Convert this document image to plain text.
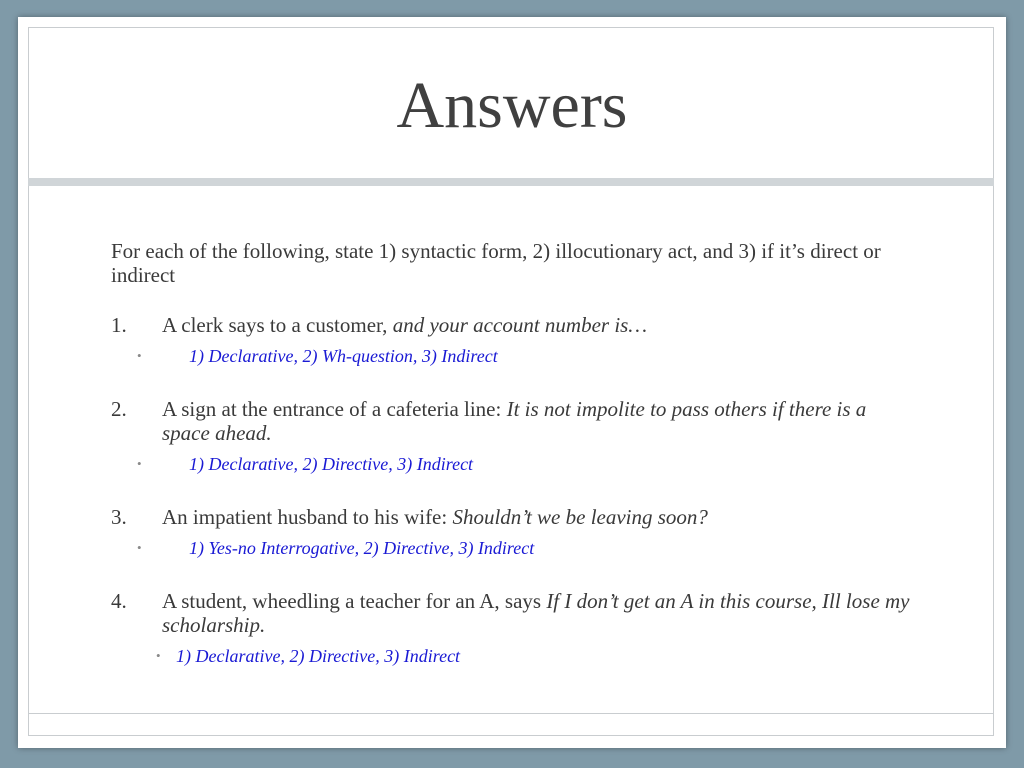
Answers

For each of the following, state 1) syntactic form, 2) illocutionary act, and 3) if it’s direct or indirect

1. A clerk says to a customer, and your account number is…

•	1) Declarative, 2) Wh-question, 3) Indirect

2. A sign at the entrance of a cafeteria line: It is not impolite to pass others if there is a space ahead.

•	1) Declarative, 2) Directive, 3) Indirect

3. An impatient husband to his wife: Shouldn’t we be leaving soon?

•	1) Yes-no Interrogative, 2) Directive, 3) Indirect

4. A student, wheedling a teacher for an A, says If I don’t get an A in this course, Ill lose my scholarship.

• 1) Declarative, 2) Directive, 3) Indirect
